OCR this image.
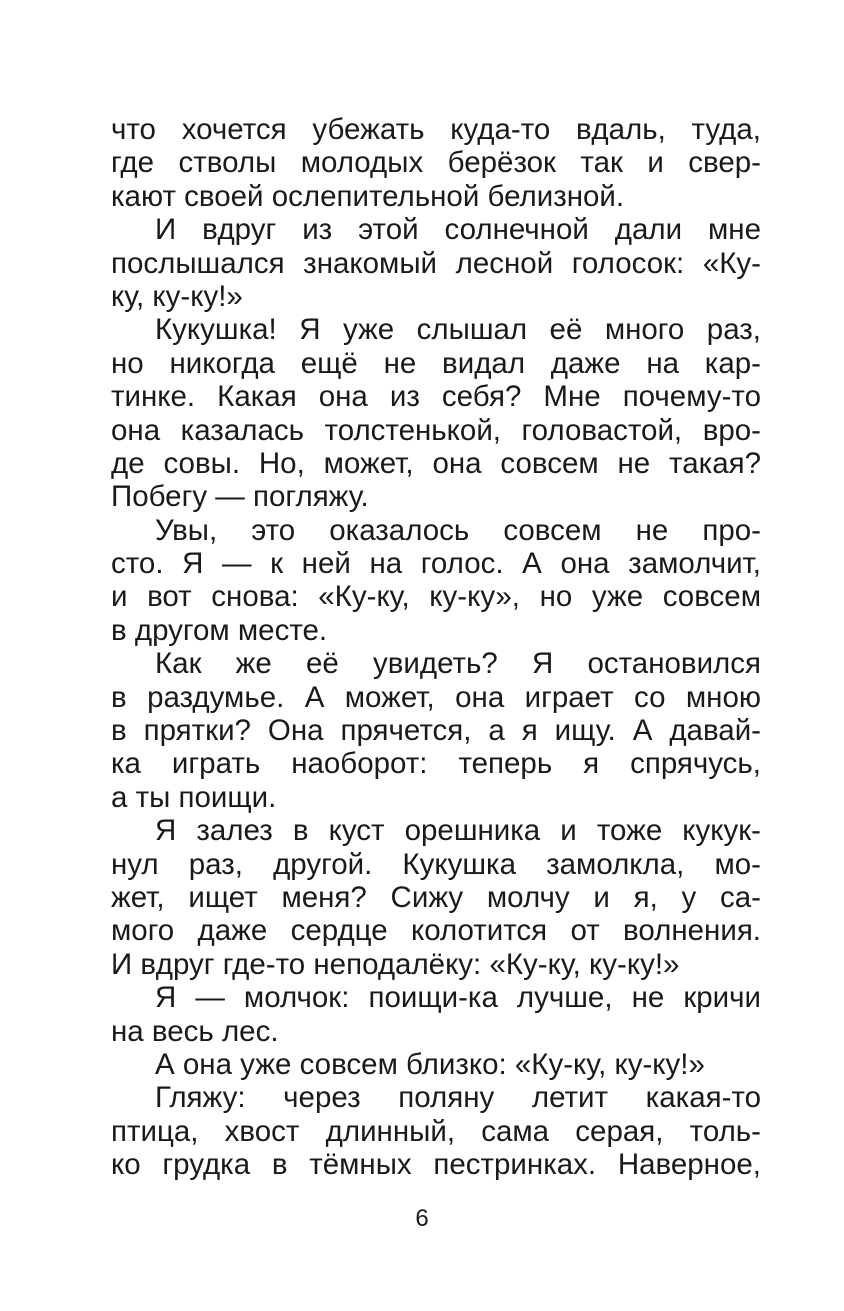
что хочется убежать куда-то вдаль, туда,
где стволы молодых берёзок так и свер-
кают своей ослепительной белизной.
И вдруг из этой солнечной дали мне
послышался знакомый лесной голосок: «Ку-
ку, ку-ку!»
Кукушка! Я уже слышал её много раз,
но никогда ещё не видал даже на кар-
тинке. Какая она из себя? Мне почему-то
она казалась толстенькой, головастой, вро-
де совы. Но, может, она совсем не такая?
Побегу — погляжу.
Увы, это оказалось совсем не про-
сто. Я — к ней на голос. А она замолчит,
и вот снова: «Ку-ку, ку-ку», но уже совсем
в другом месте.
Как же её увидеть? Я остановился
в раздумье. А может, она играет со мною
в прятки? Она прячется, а я ищу. А давай-
ка играть наоборот: теперь я спрячусь,
а ты поищи.
Я залез в куст орешника и тоже кукук-
нул раз, другой. Кукушка замолкла, мо-
жет, ищет меня? Сижу молчу и я, у са-
мого даже сердце колотится от волнения.
И вдруг где-то неподалёку: «Ку-ку, ку-ку!»
Я — молчок: поищи-ка лучше, не кричи
на весь лес.
А она уже совсем близко: «Ку-ку, ку-ку!»
Гляжу: через поляну летит какая-то
птица, хвост длинный, сама серая, толь-
ко грудка в тёмных пестринках. Наверное,
6
